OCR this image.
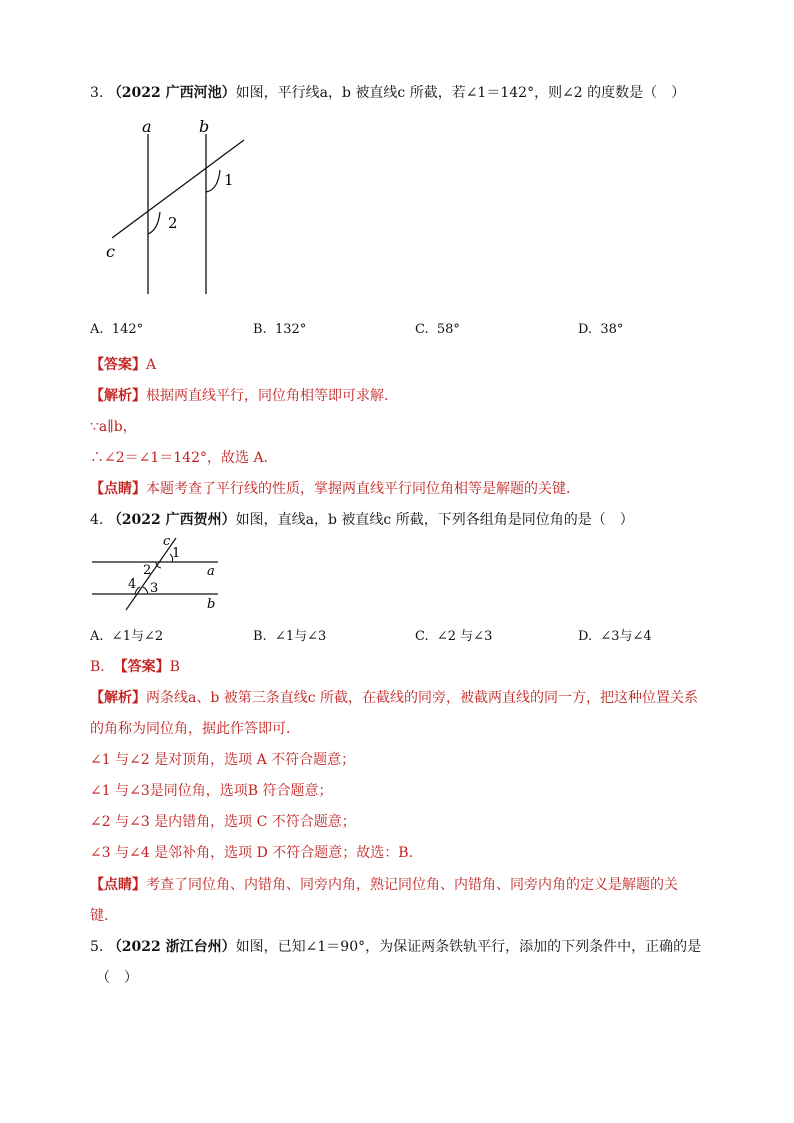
3. （2022 广西河池）如图，平行线a，b 被直线c 所截，若∠1＝142°，则∠2 的度数是（　）
a	b
c
1
2
A. 142°	B. 132°	C. 58°	D. 38°
【答案】A
【解析】根据两直线平行，同位角相等即可求解．
∵a∥b，
∴∠2＝∠1＝142°，故选 A．
【点睛】本题考查了平行线的性质，掌握两直线平行同位角相等是解题的关键．
4. （2022 广西贺州）如图，直线a，b 被直线c 所截，下列各组角是同位角的是（　）
c
1
2	a
4 3
b
A. ∠1与∠2	B. ∠1与∠3	C. ∠2 与∠3	D. ∠3与∠4
B. 【答案】B
【解析】两条线a、b 被第三条直线c 所截，在截线的同旁，被截两直线的同一方，把这种位置关系
的角称为同位角，据此作答即可．
∠1 与∠2 是对顶角，选项 A 不符合题意；
∠1 与∠3是同位角，选项B 符合题意；
∠2 与∠3 是内错角，选项 C 不符合题意；
∠3 与∠4 是邻补角，选项 D 不符合题意；故选：B．
【点睛】考查了同位角、内错角、同旁内角，熟记同位角、内错角、同旁内角的定义是解题的关
键．
5. （2022 浙江台州）如图，已知∠1＝90°，为保证两条铁轨平行，添加的下列条件中，正确的是
（　）
